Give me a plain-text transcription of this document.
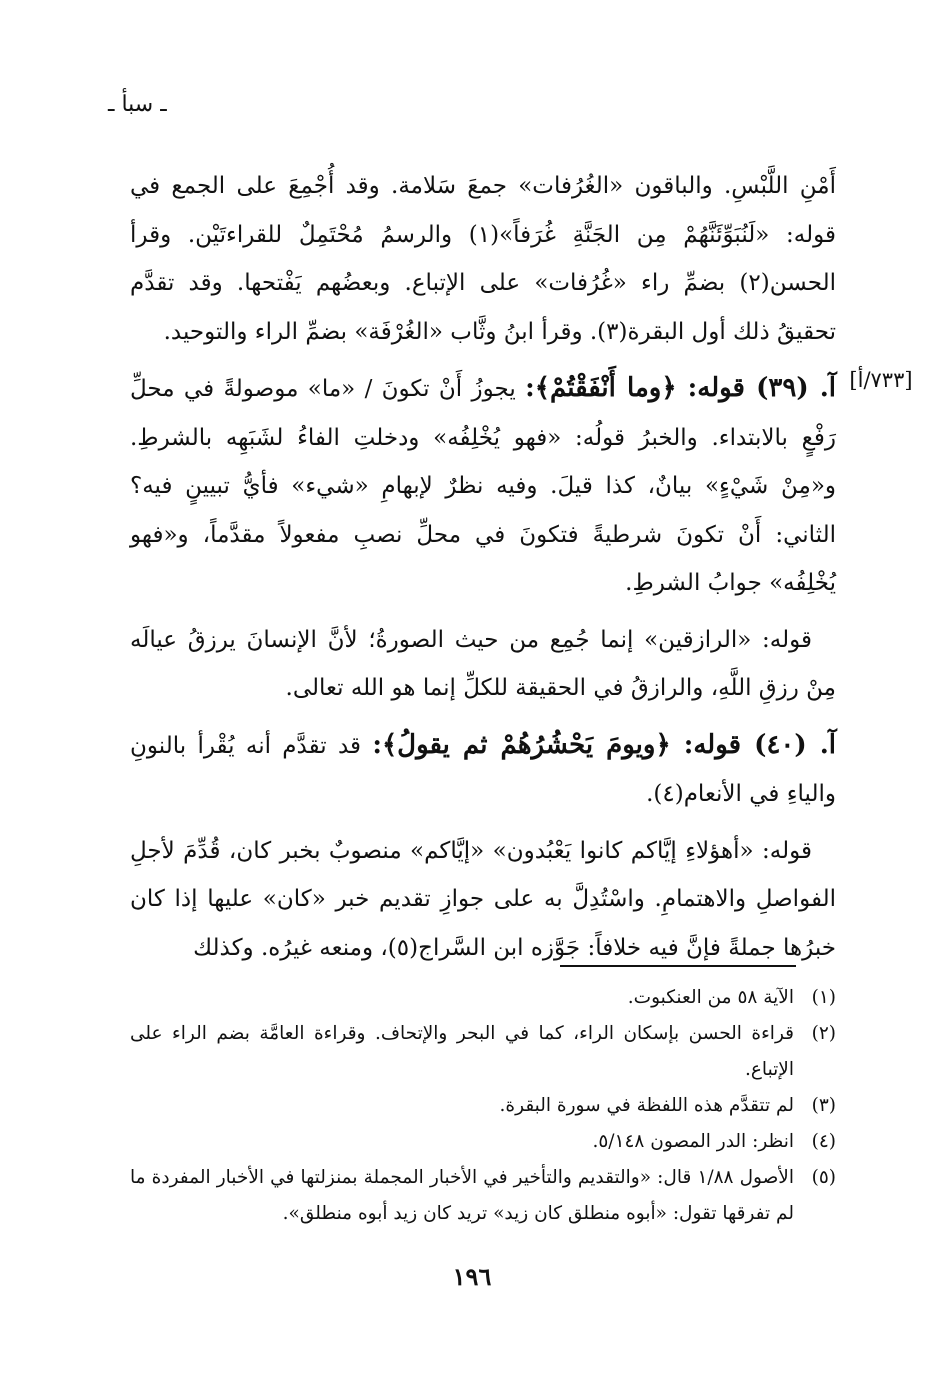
ـ سبأ ـ
[٧٣٣/أ]

أَمْنِ اللَّبْسِ. والباقون «الغُرُفات» جمعَ سَلامة. وقد أُجْمِعَ على الجمع في قوله: «لَنُبَوِّئَنَّهُمْ مِن الجَنَّةِ غُرَفاً»(١) والرسمُ مُحْتَمِلٌ للقراءتَيْن. وقرأ الحسن(٢) بضمِّ راء «غُرُفات» على الإتباع. وبعضُهم يَفْتحها. وقد تقدَّم تحقيقُ ذلك أول البقرة(٣). وقرأ ابنُ وثَّاب «الغُرْفَة» بضمِّ الراء والتوحيد.

آ. (٣٩) قوله: ﴿وما أَنْفَقْتُمْ﴾: يجوزُ أَنْ تكونَ / «ما» موصولةً في محلِّ رَفْعٍ بالابتداء. والخبرُ قولُه: «فهو يُخْلِفُه» ودخلتِ الفاءُ لشَبَهِه بالشرطِ. و«مِنْ شَيْءٍ» بيانٌ، كذا قيلَ. وفيه نظرٌ لإبهامِ «شيء» فأيُّ تبيينٍ فيه؟ الثاني: أَنْ تكونَ شرطيةً فتكونَ في محلِّ نصبِ مفعولاً مقدَّماً، و«فهو يُخْلِفُه» جوابُ الشرطِ.

قوله: «الرازقين» إنما جُمِع من حيث الصورةُ؛ لأنَّ الإنسانَ يرزقُ عيالَه مِنْ رزقِ اللَّهِ، والرازقُ في الحقيقة للكلِّ إنما هو الله تعالى.

آ. (٤٠) قوله: ﴿ويومَ يَحْشُرُهُمْ ثم يقولُ﴾: قد تقدَّم أنه يُقْرأ بالنونِ والياءِ في الأنعام(٤).

قوله: «أهؤلاءِ إيَّاكم كانوا يَعْبُدون» «إيَّاكم» منصوبٌ بخبر كان، قُدِّمَ لأجلِ الفواصلِ والاهتمامِ. واسْتُدِلَّ به على جوازِ تقديم خبر «كان» عليها إذا كان خبرُها جملةً فإنَّ فيه خلافاً: جَوَّزه ابن السَّراج(٥)، ومنعه غيرُه. وكذلك

(١)
الآية ٥٨ من العنكبوت.
(٢)
قراءة الحسن بإسكان الراء، كما في البحر والإتحاف. وقراءة العامَّة بضم الراء على الإتباع.
(٣)
لم تتقدَّم هذه اللفظة في سورة البقرة.
(٤)
انظر: الدر المصون ٥/١٤٨.
(٥)
الأصول ١/٨٨ قال: «والتقديم والتأخير في الأخبار المجملة بمنزلتها في الأخبار المفردة ما لم تفرقها تقول: «أبوه منطلق كان زيد» تريد كان زيد أبوه منطلق».
١٩٦
